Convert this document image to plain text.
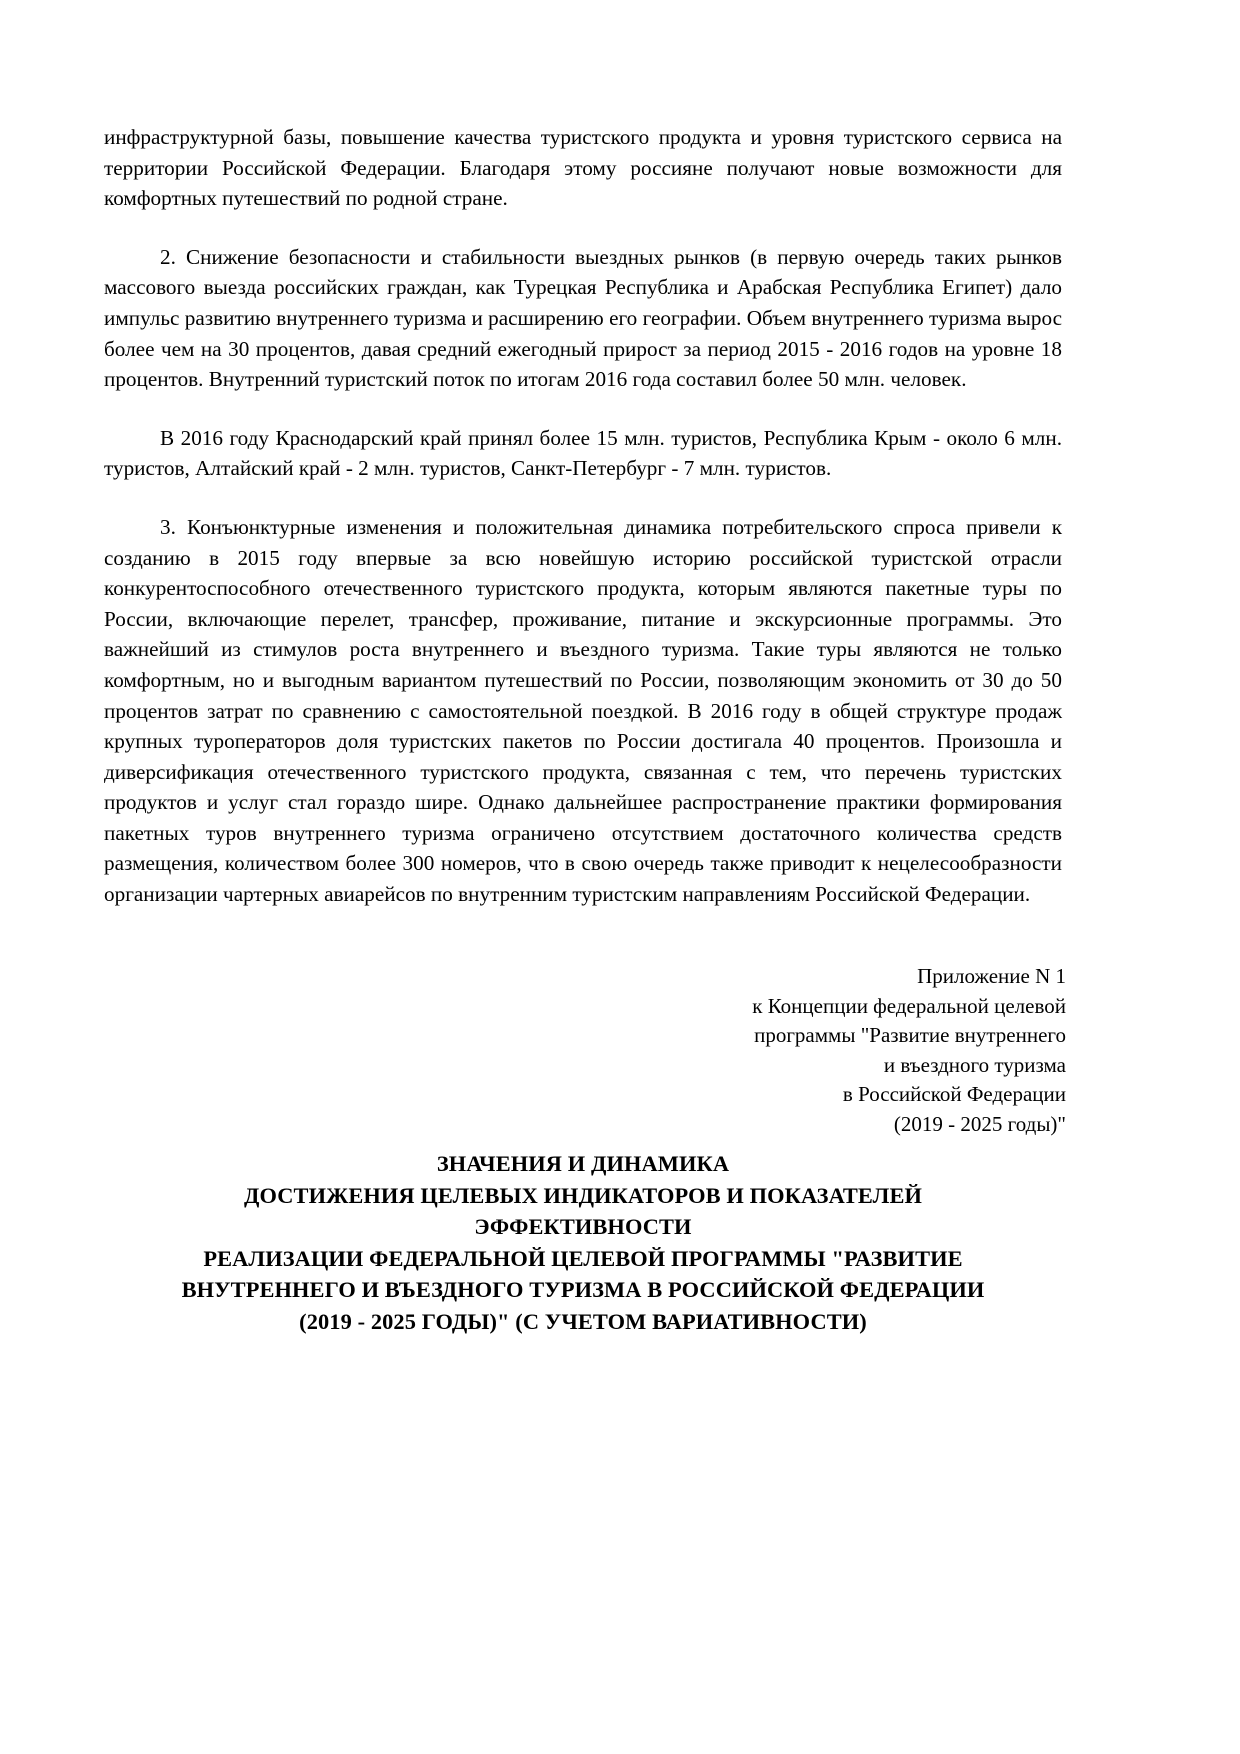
инфраструктурной базы, повышение качества туристского продукта и уровня туристского сервиса на территории Российской Федерации. Благодаря этому россияне получают новые возможности для комфортных путешествий по родной стране.

2. Снижение безопасности и стабильности выездных рынков (в первую очередь таких рынков массового выезда российских граждан, как Турецкая Республика и Арабская Республика Египет) дало импульс развитию внутреннего туризма и расширению его географии. Объем внутреннего туризма вырос более чем на 30 процентов, давая средний ежегодный прирост за период 2015 - 2016 годов на уровне 18 процентов. Внутренний туристский поток по итогам 2016 года составил более 50 млн. человек.

В 2016 году Краснодарский край принял более 15 млн. туристов, Республика Крым - около 6 млн. туристов, Алтайский край - 2 млн. туристов, Санкт-Петербург - 7 млн. туристов.

3. Конъюнктурные изменения и положительная динамика потребительского спроса привели к созданию в 2015 году впервые за всю новейшую историю российской туристской отрасли конкурентоспособного отечественного туристского продукта, которым являются пакетные туры по России, включающие перелет, трансфер, проживание, питание и экскурсионные программы. Это важнейший из стимулов роста внутреннего и въездного туризма. Такие туры являются не только комфортным, но и выгодным вариантом путешествий по России, позволяющим экономить от 30 до 50 процентов затрат по сравнению с самостоятельной поездкой. В 2016 году в общей структуре продаж крупных туроператоров доля туристских пакетов по России достигала 40 процентов. Произошла и диверсификация отечественного туристского продукта, связанная с тем, что перечень туристских продуктов и услуг стал гораздо шире. Однако дальнейшее распространение практики формирования пакетных туров внутреннего туризма ограничено отсутствием достаточного количества средств размещения, количеством более 300 номеров, что в свою очередь также приводит к нецелесообразности организации чартерных авиарейсов по внутренним туристским направлениям Российской Федерации.

Приложение N 1
к Концепции федеральной целевой
программы "Развитие внутреннего
и въездного туризма
в Российской Федерации
(2019 - 2025 годы)"
ЗНАЧЕНИЯ И ДИНАМИКА
ДОСТИЖЕНИЯ ЦЕЛЕВЫХ ИНДИКАТОРОВ И ПОКАЗАТЕЛЕЙ
ЭФФЕКТИВНОСТИ
РЕАЛИЗАЦИИ ФЕДЕРАЛЬНОЙ ЦЕЛЕВОЙ ПРОГРАММЫ "РАЗВИТИЕ
ВНУТРЕННЕГО И ВЪЕЗДНОГО ТУРИЗМА В РОССИЙСКОЙ ФЕДЕРАЦИИ
(2019 - 2025 ГОДЫ)" (С УЧЕТОМ ВАРИАТИВНОСТИ)
